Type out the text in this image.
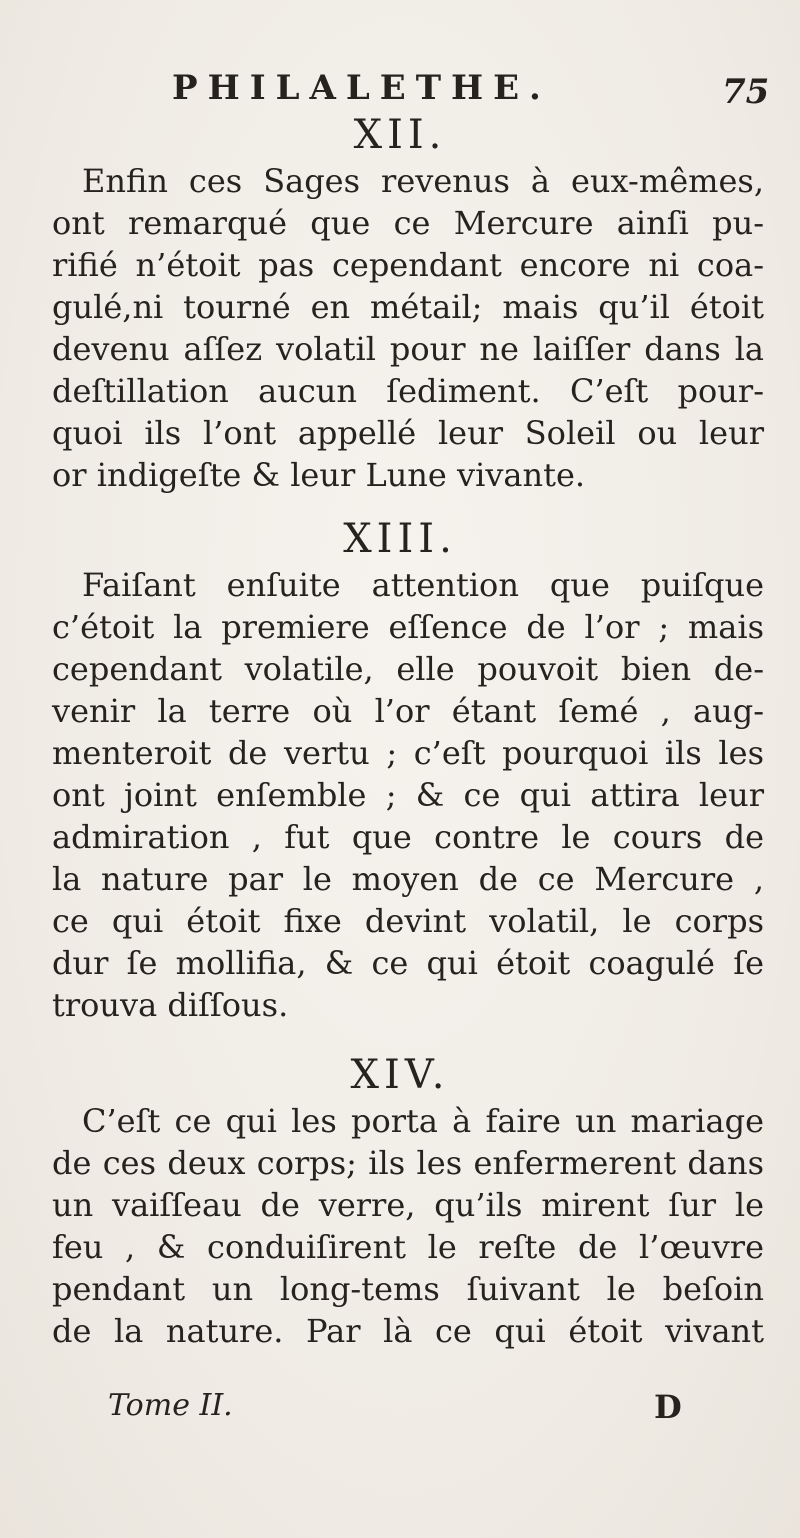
PHILALETHE.	75
XII.
Enfin ces Sages revenus à eux-mêmes,
ont remarqué que ce Mercure ainſi pu-
rifié n’étoit pas cependant encore ni coa-
gulé,ni tourné en métail; mais qu’il étoit
devenu aſſez volatil pour ne laiſſer dans la
deſtillation aucun ſediment. C’eſt pour-
quoi ils l’ont appellé leur Soleil ou leur
or indigeſte & leur Lune vivante.
XIII.
Faiſant enſuite attention que puiſque
c’étoit la premiere eſſence de l’or ; mais
cependant volatile, elle pouvoit bien de-
venir la terre où l’or étant ſemé , aug-
menteroit de vertu ; c’eſt pourquoi ils les
ont joint enſemble ; & ce qui attira leur
admiration , fut que contre le cours de
la nature par le moyen de ce Mercure ,
ce qui étoit fixe devint volatil, le corps
dur ſe mollifia, & ce qui étoit coagulé ſe
trouva diſſous.
XIV.
C’eſt ce qui les porta à faire un mariage
de ces deux corps; ils les enfermerent dans
un vaiſſeau de verre, qu’ils mirent ſur le
feu , & conduiſirent le reſte de l’œuvre
pendant un long-tems ſuivant le beſoin
de la nature. Par là ce qui étoit vivant
Tome II.	D
